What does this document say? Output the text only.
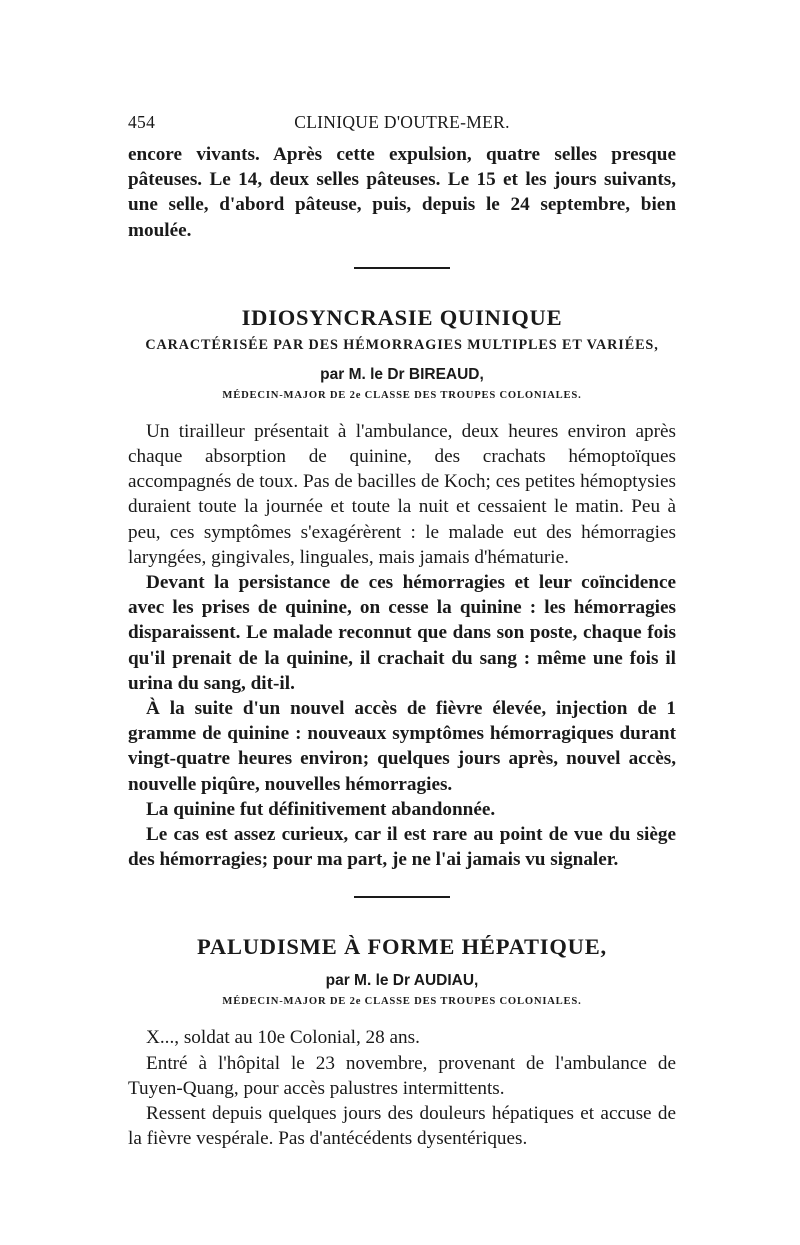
454	CLINIQUE D'OUTRE-MER.

encore vivants. Après cette expulsion, quatre selles presque pâteuses. Le 14, deux selles pâteuses. Le 15 et les jours suivants, une selle, d'abord pâteuse, puis, depuis le 24 septembre, bien moulée.

IDIOSYNCRASIE QUINIQUE
CARACTÉRISÉE PAR DES HÉMORRAGIES MULTIPLES ET VARIÉES,
par M. le Dr BIREAUD,
MÉDECIN-MAJOR DE 2e CLASSE DES TROUPES COLONIALES.

Un tirailleur présentait à l'ambulance, deux heures environ après chaque absorption de quinine, des crachats hémoptoïques accompagnés de toux. Pas de bacilles de Koch; ces petites hémoptysies duraient toute la journée et toute la nuit et cessaient le matin. Peu à peu, ces symptômes s'exagérèrent : le malade eut des hémorragies laryngées, gingivales, linguales, mais jamais d'hématurie.

Devant la persistance de ces hémorragies et leur coïncidence avec les prises de quinine, on cesse la quinine : les hémorragies disparaissent. Le malade reconnut que dans son poste, chaque fois qu'il prenait de la quinine, il crachait du sang : même une fois il urina du sang, dit-il.

À la suite d'un nouvel accès de fièvre élevée, injection de 1 gramme de quinine : nouveaux symptômes hémorragiques durant vingt-quatre heures environ; quelques jours après, nouvel accès, nouvelle piqûre, nouvelles hémorragies.

La quinine fut définitivement abandonnée.

Le cas est assez curieux, car il est rare au point de vue du siège des hémorragies; pour ma part, je ne l'ai jamais vu signaler.

PALUDISME À FORME HÉPATIQUE,
par M. le Dr AUDIAU,
MÉDECIN-MAJOR DE 2e CLASSE DES TROUPES COLONIALES.

X..., soldat au 10e Colonial, 28 ans.

Entré à l'hôpital le 23 novembre, provenant de l'ambulance de Tuyen-Quang, pour accès palustres intermittents.

Ressent depuis quelques jours des douleurs hépatiques et accuse de la fièvre vespérale. Pas d'antécédents dysentériques.
